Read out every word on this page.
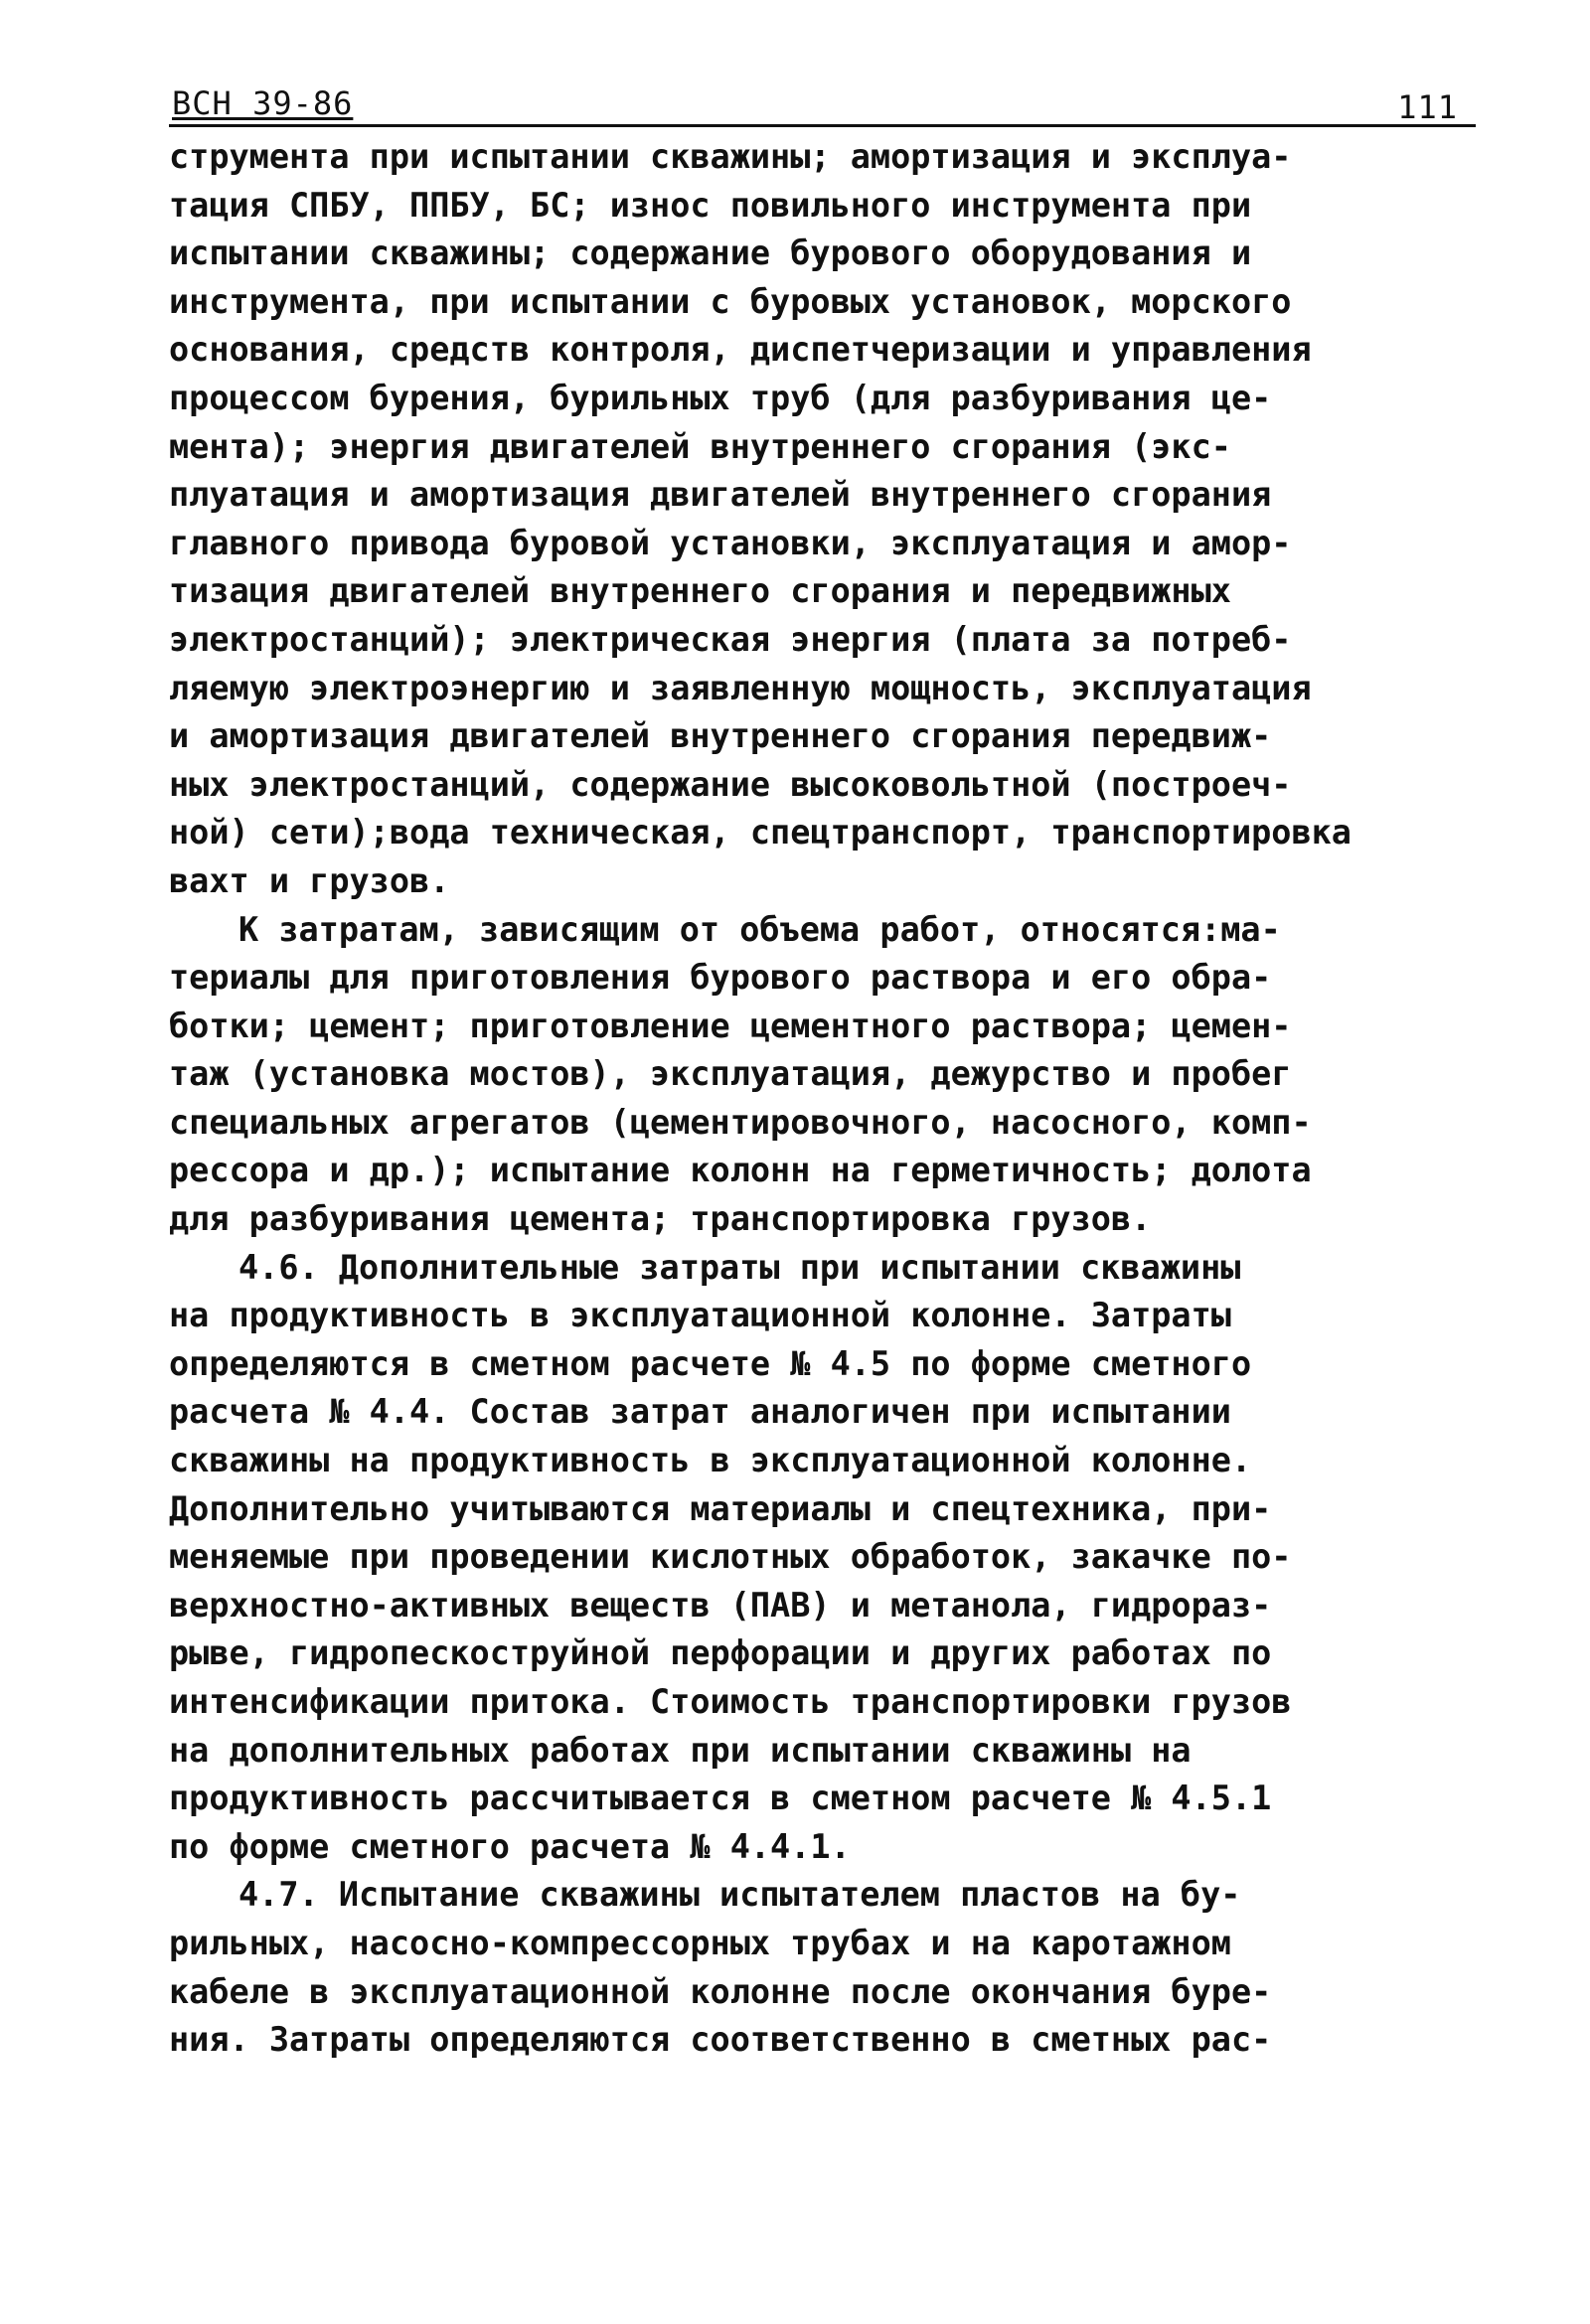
ВСН 39-86	111
струмента при испытании скважины; амортизация и эксплуа-
тация СПБУ, ППБУ, БС; износ повильного инструмента при
испытании скважины; содержание бурового оборудования и
инструмента, при испытании с буровых установок, морского
основания, средств контроля, диспетчеризации и управления
процессом бурения, бурильных труб (для разбуривания це-
мента); энергия двигателей внутреннего сгорания (экс-
плуатация и амортизация двигателей внутреннего сгорания
главного привода буровой установки, эксплуатация и амор-
тизация двигателей внутреннего сгорания и передвижных
электростанций); электрическая энергия (плата за потреб-
ляемую электроэнергию и заявленную мощность, эксплуатация
и амортизация двигателей внутреннего сгорания передвиж-
ных электростанций, содержание высоковольтной (построеч-
ной) сети);вода техническая, спецтранспорт, транспортировка
вахт и грузов.
К затратам, зависящим от объема работ, относятся:ма-
териалы для приготовления бурового раствора и его обра-
ботки; цемент; приготовление цементного раствора; цемен-
таж (установка мостов), эксплуатация, дежурство и пробег
специальных агрегатов (цементировочного, насосного, комп-
рессора и др.); испытание колонн на герметичность; долота
для разбуривания цемента; транспортировка грузов.
4.6. Дополнительные затраты при испытании скважины
на продуктивность в эксплуатационной колонне. Затраты
определяются в сметном расчете № 4.5 по форме сметного
расчета № 4.4. Состав затрат аналогичен при испытании
скважины на продуктивность в эксплуатационной колонне.
Дополнительно учитываются материалы и спецтехника, при-
меняемые при проведении кислотных обработок, закачке по-
верхностно-активных веществ (ПАВ) и метанола, гидрораз-
рыве, гидропескоструйной перфорации и других работах по
интенсификации притока. Стоимость транспортировки грузов
на дополнительных работах при испытании скважины на
продуктивность рассчитывается в сметном расчете № 4.5.1
по форме сметного расчета № 4.4.1.
4.7. Испытание скважины испытателем пластов на бу-
рильных, насосно-компрессорных трубах и на каротажном
кабеле в эксплуатационной колонне после окончания буре-
ния. Затраты определяются соответственно в сметных рас-
